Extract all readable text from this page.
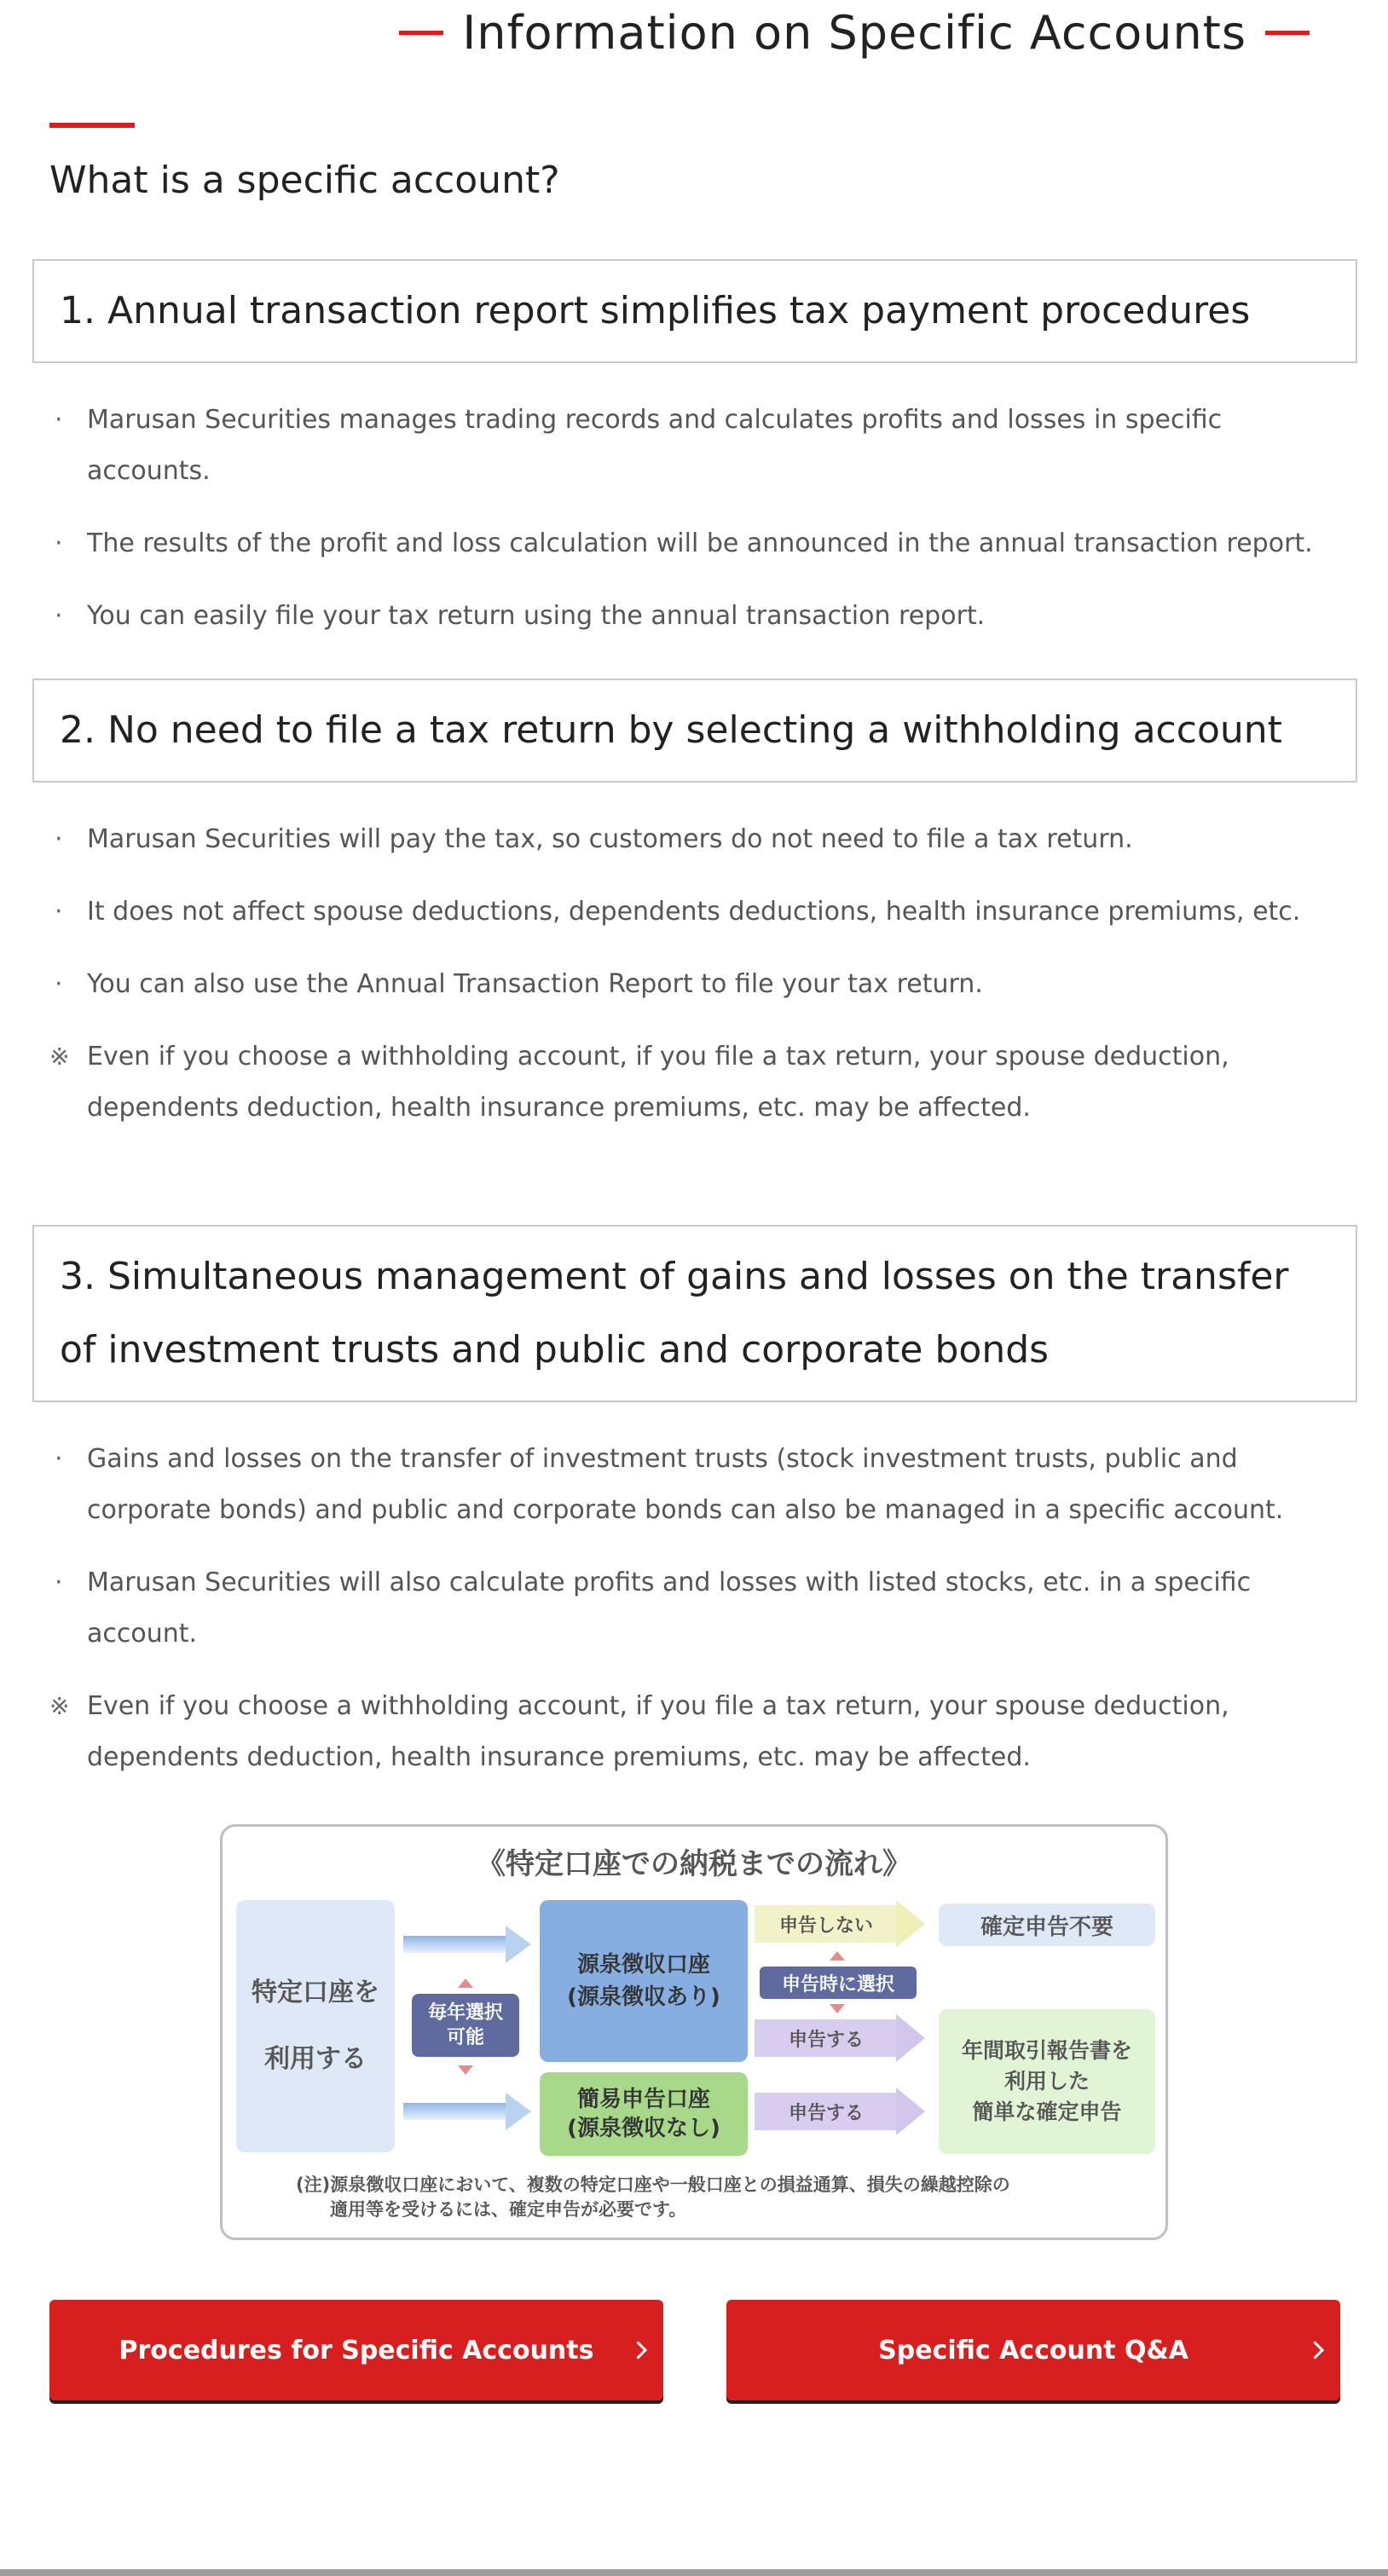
Information on Specific Accounts
What is a specific account?
1. Annual transaction report simplifies tax payment procedures
· Marusan Securities manages trading records and calculates profits and losses in specific accounts.
· The results of the profit and loss calculation will be announced in the annual transaction report.
· You can easily file your tax return using the annual transaction report.
2. No need to file a tax return by selecting a withholding account
· Marusan Securities will pay the tax, so customers do not need to file a tax return.
· It does not affect spouse deductions, dependents deductions, health insurance premiums, etc.
· You can also use the Annual Transaction Report to file your tax return.
※ Even if you choose a withholding account, if you file a tax return, your spouse deduction, dependents deduction, health insurance premiums, etc. may be affected.
3. Simultaneous management of gains and losses on the transfer
of investment trusts and public and corporate bonds
· Gains and losses on the transfer of investment trusts (stock investment trusts, public and corporate bonds) and public and corporate bonds can also be managed in a specific account.
· Marusan Securities will also calculate profits and losses with listed stocks, etc. in a specific account.
※ Even if you choose a withholding account, if you file a tax return, your spouse deduction, dependents deduction, health insurance premiums, etc. may be affected.
《特定口座での納税までの流れ》
特定口座を
利用する
毎年選択
可能
源泉徴収口座
(源泉徴収あり)
簡易申告口座
(源泉徴収なし)
申告しない
申告時に選択
申告する
申告する
確定申告不要
年間取引報告書を
利用した
簡単な確定申告
(注)源泉徴収口座において、複数の特定口座や一般口座との損益通算、損失の繰越控除の
適用等を受けるには、確定申告が必要です。
Procedures for Specific Accounts	Specific Account Q&A
